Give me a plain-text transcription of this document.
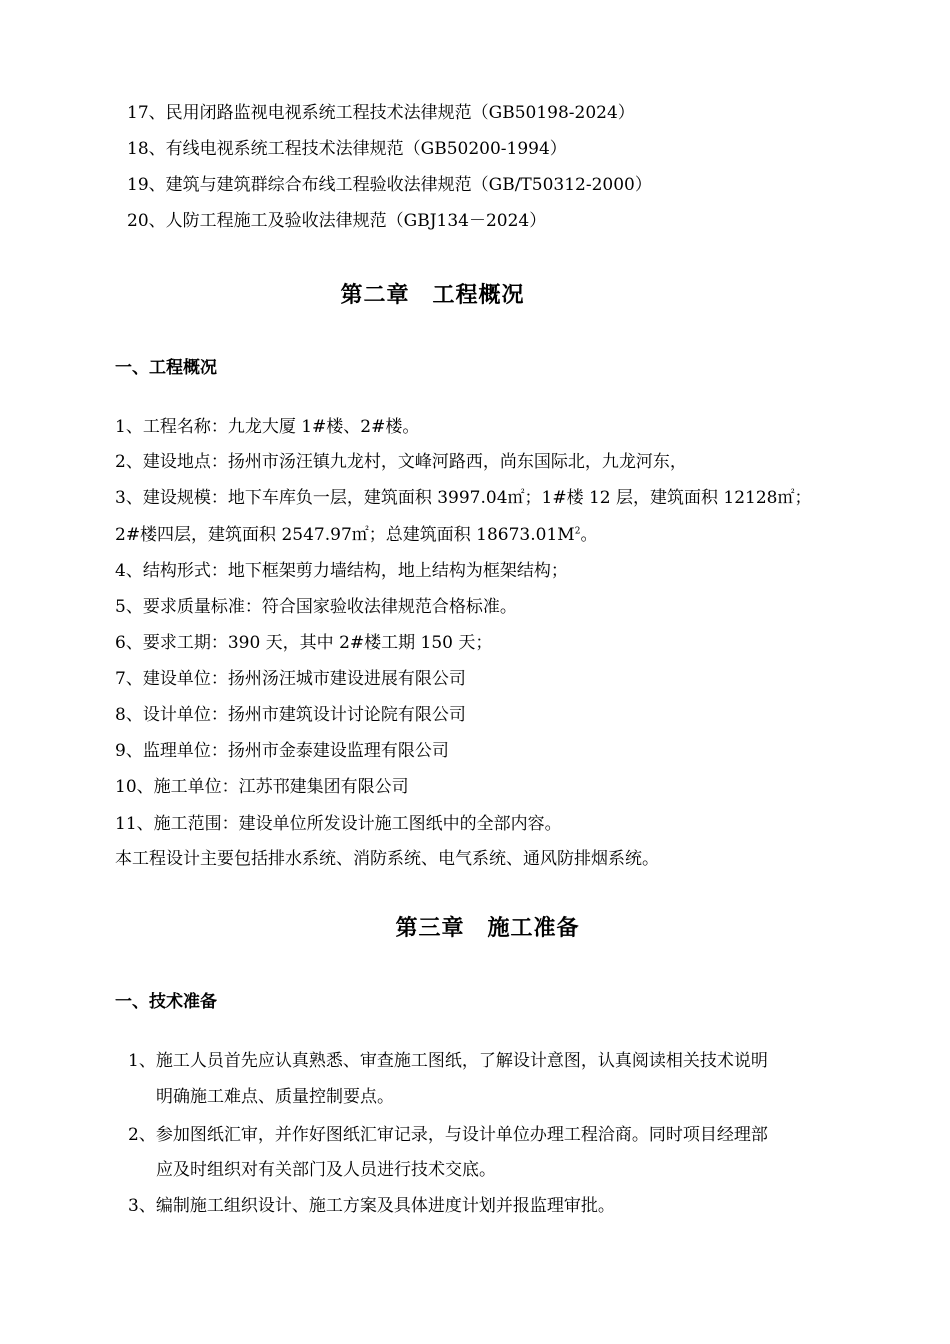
17、民用闭路监视电视系统工程技术法律规范（GB50198-2024）
18、有线电视系统工程技术法律规范（GB50200-1994）
19、建筑与建筑群综合布线工程验收法律规范（GB/T50312-2000）
20、人防工程施工及验收法律规范（GBJ134－2024）
第二章　工程概况
一、工程概况
1、工程名称：九龙大厦 1#楼、2#楼。
2、建设地点：扬州市汤汪镇九龙村，文峰河路西，尚东国际北，九龙河东，
3、建设规模：地下车库负一层，建筑面积 3997.04㎡；1#楼 12 层，建筑面积 12128㎡；
2#楼四层，建筑面积 2547.97㎡；总建筑面积 $18673.01M^2$。
4、结构形式：地下框架剪力墙结构，地上结构为框架结构；
5、要求质量标准：符合国家验收法律规范合格标准。
6、要求工期：390 天，其中 2#楼工期 150 天；
7、建设单位：扬州汤汪城市建设进展有限公司
8、设计单位：扬州市建筑设计讨论院有限公司
9、监理单位：扬州市金泰建设监理有限公司
10、施工单位：江苏邗建集团有限公司
11、施工范围：建设单位所发设计施工图纸中的全部内容。
本工程设计主要包括排水系统、消防系统、电气系统、通风防排烟系统。
第三章　施工准备
一、技术准备
1、施工人员首先应认真熟悉、审查施工图纸，了解设计意图，认真阅读相关技术说明
明确施工难点、质量控制要点。
2、参加图纸汇审，并作好图纸汇审记录，与设计单位办理工程洽商。同时项目经理部
应及时组织对有关部门及人员进行技术交底。
3、编制施工组织设计、施工方案及具体进度计划并报监理审批。
